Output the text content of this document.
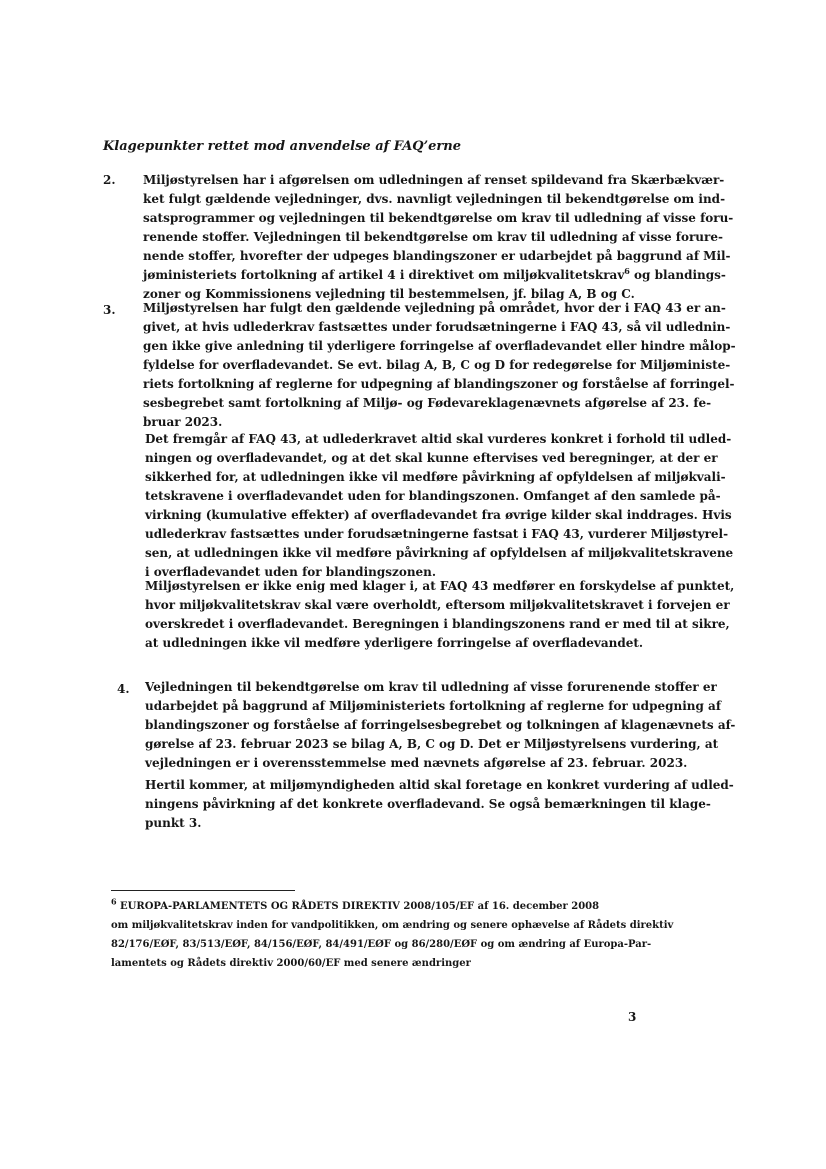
Klagepunkter rettet mod anvendelse af FAQ’erne

2. Miljøstyrelsen har i afgørelsen om udledningen af renset spildevand fra Skærbækvær-
ket fulgt gældende vejledninger, dvs. navnligt vejledningen til bekendtgørelse om ind-
satsprogrammer og vejledningen til bekendtgørelse om krav til udledning af visse foru-
renende stoffer. Vejledningen til bekendtgørelse om krav til udledning af visse forure-
nende stoffer, hvorefter der udpeges blandingszoner er udarbejdet på baggrund af Mil-
jøministeriets fortolkning af artikel 4 i direktivet om miljøkvalitetskrav$^6$ og blandings-
zoner og Kommissionens vejledning til bestemmelsen, jf. bilag A, B og C.

3. Miljøstyrelsen har fulgt den gældende vejledning på området, hvor der i FAQ 43 er an-
givet, at hvis udlederkrav fastsættes under forudsætningerne i FAQ 43, så vil udlednin-
gen ikke give anledning til yderligere forringelse af overfladevandet eller hindre målop-
fyldelse for overfladevandet. Se evt. bilag A, B, C og D for redegørelse for Miljøministe-
riets fortolkning af reglerne for udpegning af blandingszoner og forståelse af forringel-
sesbegrebet samt fortolkning af Miljø- og Fødevareklagenævnets afgørelse af 23. fe-
bruar 2023.

Det fremgår af FAQ 43, at udlederkravet altid skal vurderes konkret i forhold til udled-
ningen og overfladevandet, og at det skal kunne eftervises ved beregninger, at der er
sikkerhed for, at udledningen ikke vil medføre påvirkning af opfyldelsen af miljøkvali-
tetskravene i overfladevandet uden for blandingszonen. Omfanget af den samlede på-
virkning (kumulative effekter) af overfladevandet fra øvrige kilder skal inddrages. Hvis
udlederkrav fastsættes under forudsætningerne fastsat i FAQ 43, vurderer Miljøstyrel-
sen, at udledningen ikke vil medføre påvirkning af opfyldelsen af miljøkvalitetskravene
i overfladevandet uden for blandingszonen.

Miljøstyrelsen er ikke enig med klager i, at FAQ 43 medfører en forskydelse af punktet,
hvor miljøkvalitetskrav skal være overholdt, eftersom miljøkvalitetskravet i forvejen er
overskredet i overfladevandet. Beregningen i blandingszonens rand er med til at sikre,
at udledningen ikke vil medføre yderligere forringelse af overfladevandet.

4. Vejledningen til bekendtgørelse om krav til udledning af visse forurenende stoffer er
udarbejdet på baggrund af Miljøministeriets fortolkning af reglerne for udpegning af
blandingszoner og forståelse af forringelsesbegrebet og tolkningen af klagenævnets af-
gørelse af 23. februar 2023 se bilag A, B, C og D. Det er Miljøstyrelsens vurdering, at
vejledningen er i overensstemmelse med nævnets afgørelse af 23. februar. 2023.

Hertil kommer, at miljømyndigheden altid skal foretage en konkret vurdering af udled-
ningens påvirkning af det konkrete overfladevand. Se også bemærkningen til klage-
punkt 3.

$^6$ EUROPA-PARLAMENTETS OG RÅDETS DIREKTIV 2008/105/EF af 16. december 2008
om miljøkvalitetskrav inden for vandpolitikken, om ændring og senere ophævelse af Rådets direktiv
82/176/EØF, 83/513/EØF, 84/156/EØF, 84/491/EØF og 86/280/EØF og om ændring af Europa-Par-
lamentets og Rådets direktiv 2000/60/EF med senere ændringer

3
